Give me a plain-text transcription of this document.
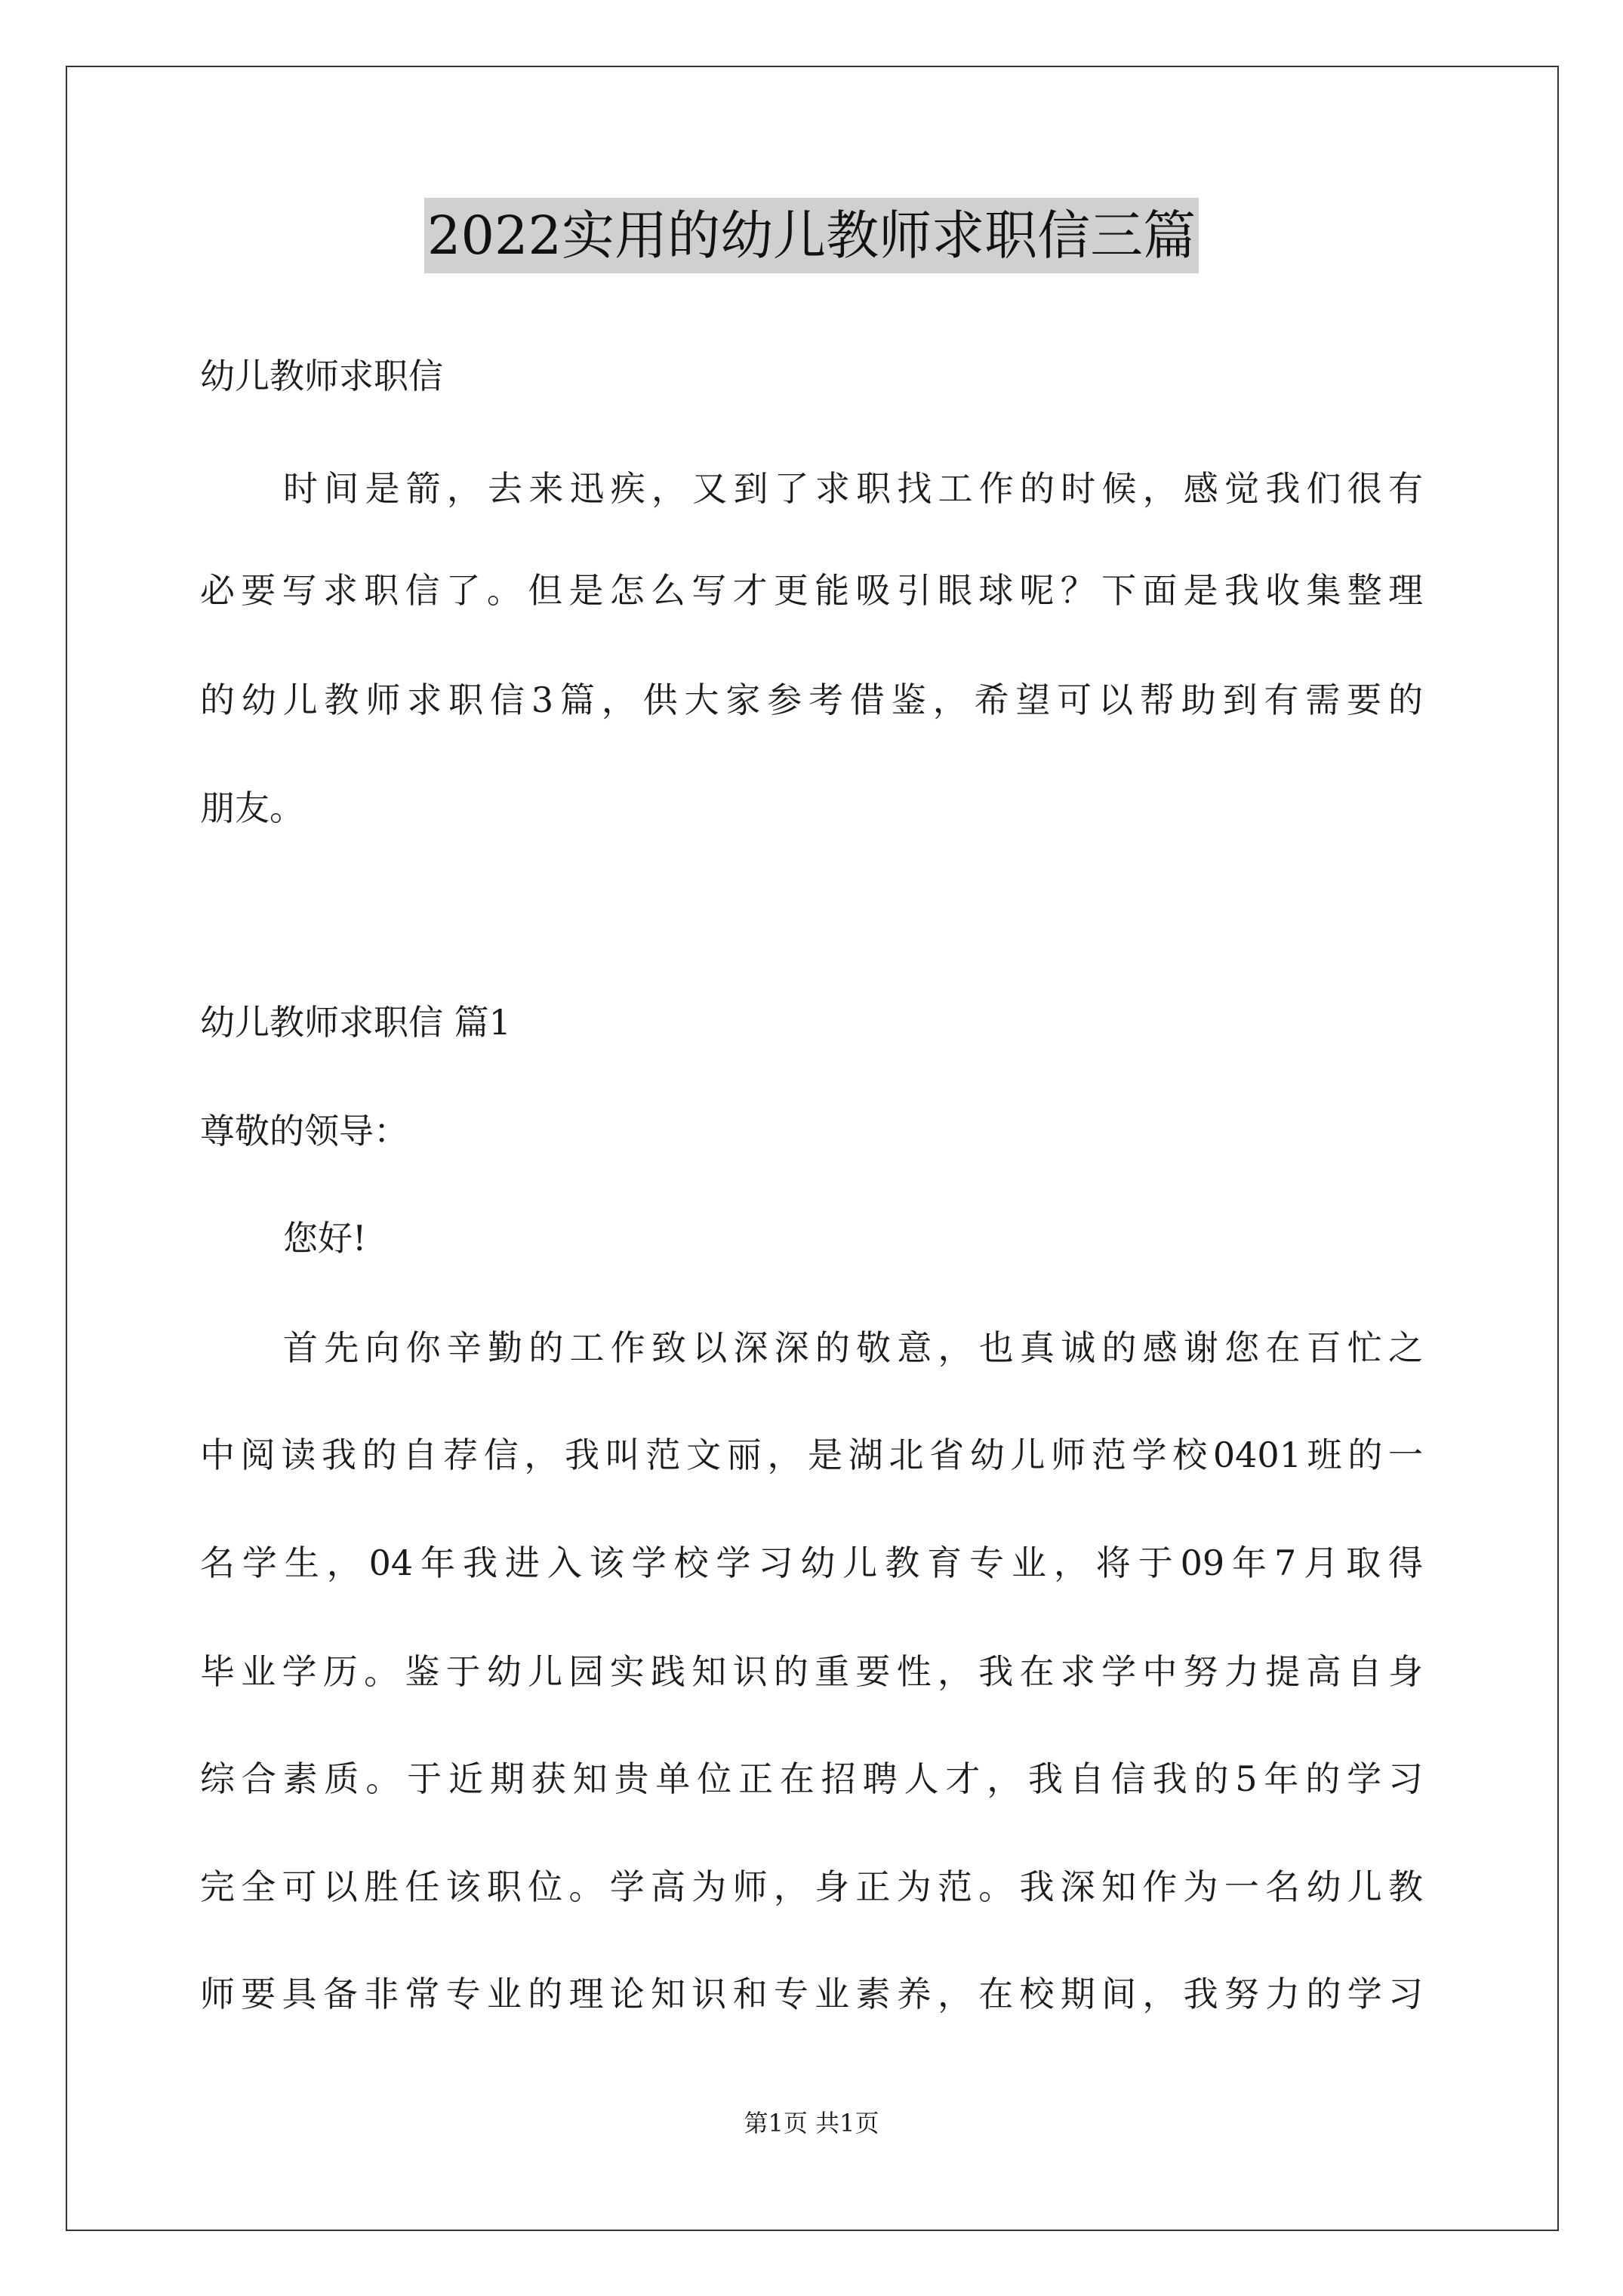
2022实用的幼儿教师求职信三篇
幼儿教师求职信
时间是箭，去来迅疾，又到了求职找工作的时候，感觉我们很有
必要写求职信了。但是怎么写才更能吸引眼球呢？下面是我收集整理
的幼儿教师求职信3篇，供大家参考借鉴，希望可以帮助到有需要的
朋友。
幼儿教师求职信 篇1
尊敬的领导：
您好!
首先向你辛勤的工作致以深深的敬意，也真诚的感谢您在百忙之
中阅读我的自荐信，我叫范文丽，是湖北省幼儿师范学校0401班的一
名学生，04年我进入该学校学习幼儿教育专业，将于09年7月取得
毕业学历。鉴于幼儿园实践知识的重要性，我在求学中努力提高自身
综合素质。于近期获知贵单位正在招聘人才，我自信我的5年的学习
完全可以胜任该职位。学高为师，身正为范。我深知作为一名幼儿教
师要具备非常专业的理论知识和专业素养，在校期间，我努力的学习
第1页 共1页
